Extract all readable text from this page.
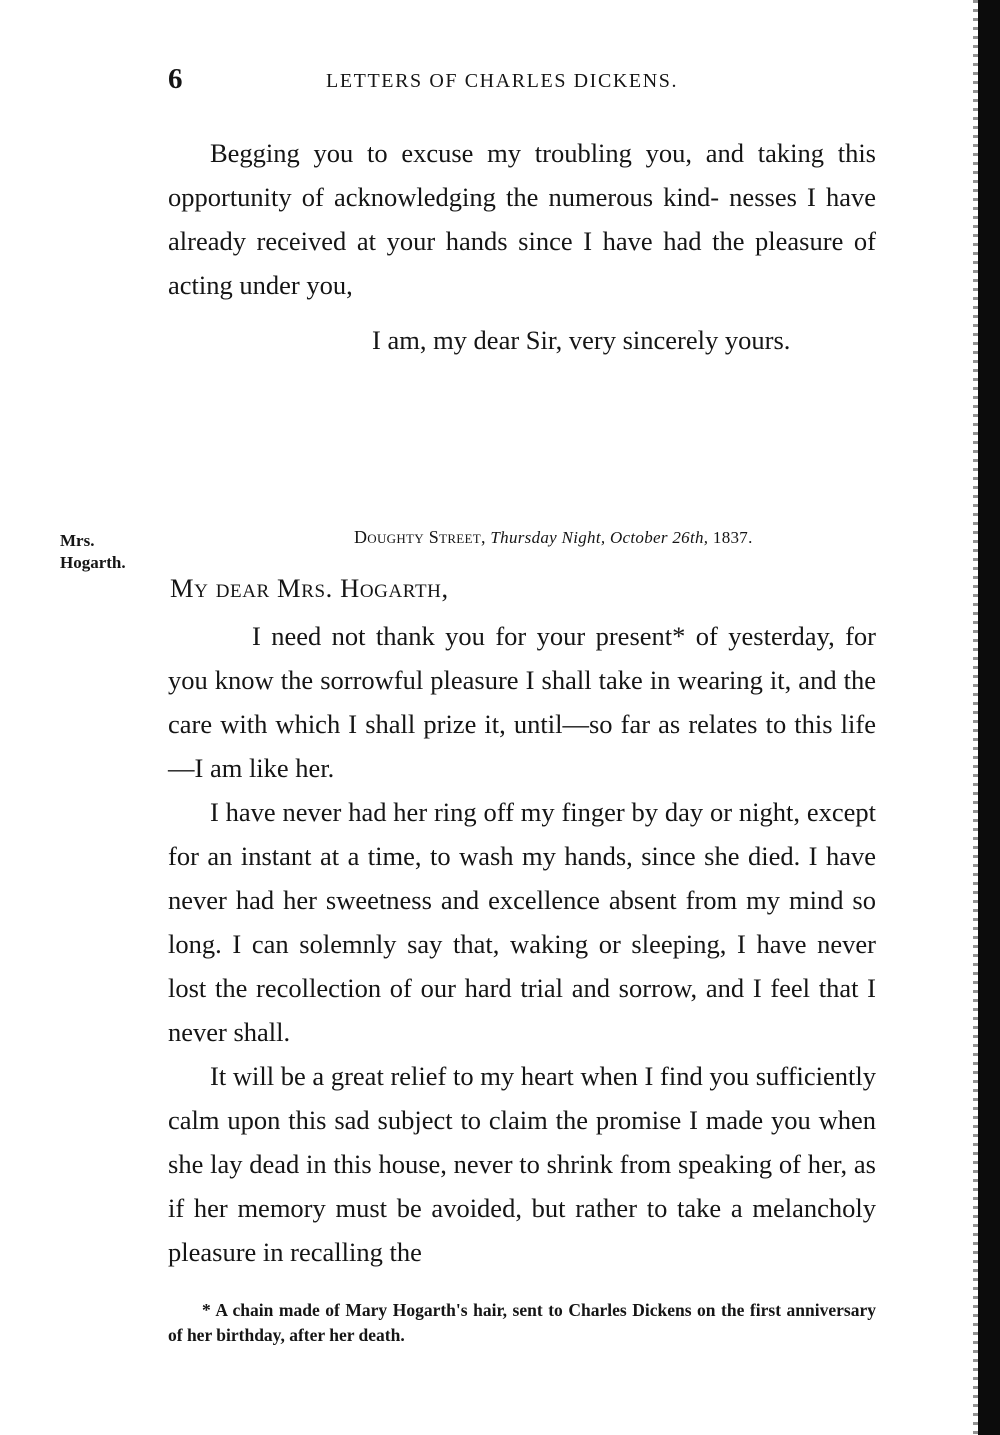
6	LETTERS OF CHARLES DICKENS.

Begging you to excuse my troubling you, and taking this opportunity of acknowledging the numerous kind- nesses I have already received at your hands since I have had the pleasure of acting under you,

I am, my dear Sir, very sincerely yours.

Mrs. Hogarth.
Doughty Street, Thursday Night, October 26th, 1837.
My dear Mrs. Hogarth,

I need not thank you for your present* of yesterday, for you know the sorrowful pleasure I shall take in wearing it, and the care with which I shall prize it, until—so far as relates to this life—I am like her.

I have never had her ring off my finger by day or night, except for an instant at a time, to wash my hands, since she died. I have never had her sweetness and excellence absent from my mind so long. I can solemnly say that, waking or sleeping, I have never lost the recollection of our hard trial and sorrow, and I feel that I never shall.

It will be a great relief to my heart when I find you sufficiently calm upon this sad subject to claim the promise I made you when she lay dead in this house, never to shrink from speaking of her, as if her memory must be avoided, but rather to take a melancholy pleasure in recalling the

* A chain made of Mary Hogarth's hair, sent to Charles Dickens on the first anniversary of her birthday, after her death.
